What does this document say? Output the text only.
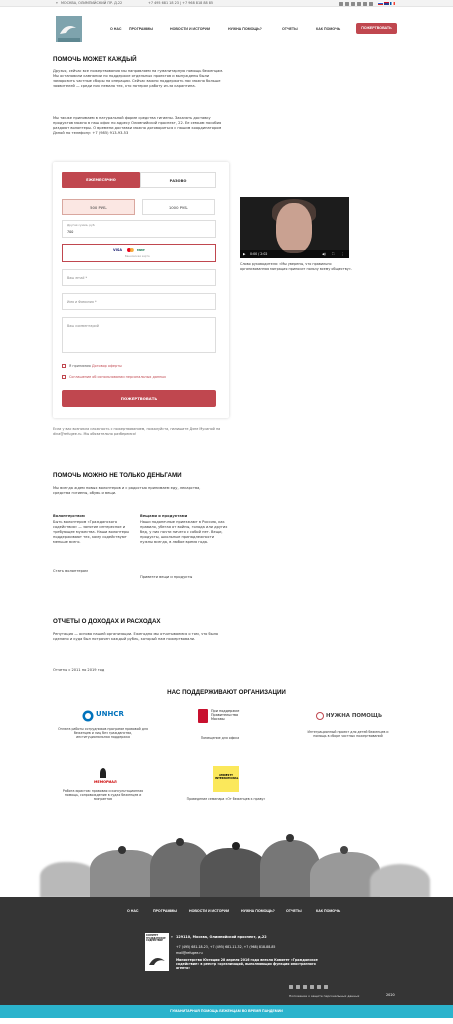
⌖ МОСКВА, ОЛИМПИЙСКИЙ ПР. Д.22	+7 495 681 18 23 | +7 968 818 88 85
О НАС ПРОГРАММЫ	НОВОСТИ И ИСТОРИИ	НУЖНА ПОМОЩЬ?	ОТЧЕТЫ	КАК ПОМОЧЬ	ПОЖЕРТВОВАТЬ
ПОМОЧЬ МОЖЕТ КАЖДЫЙ

Друзья, сейчас все пожертвования мы направляем на гуманитарную помощь беженцам. Мы остановили кампании по поддержке отдельных проектов и вынуждены были заморозить частные сборы на операции. Сейчас важно поддержать нас можно больше заявителей — среди них немало тех, кто потерял работу из-за карантина.

Мы также принимаем в натуральной форме средства гигиены. Заказать доставку продуктов можно в наш офис по адресу Олимпийский проспект, 22. Ее семьям пособия раздают волонтеры. О времени доставки можно договориться с нашим координатором Дэной по телефону: +7 (985) 913-93-53

ЕЖЕМЕСЯЧНО	РАЗОВО
500 РУБ.	1000 РУБ.
Другая сумма, руб.
700
VISA	МИР
Банковская карта
Ваш email *
Имя и Фамилия *
Ваш комментарий
Я принимаю Договор оферты
Соглашение об использовании персональных данных
ПОЖЕРТВОВАТЬ

Если у вас возникла сложность с пожертвованием, пожалуйста, напишите Дэне Мусиной на dina@refugee.ru. Мы обязательно разберемся!

▶ 0:00 / 2:02	◀) ⛶ ⋮

Слово руководителя: «Мы уверены, что правильно организованная миграция приносит пользу всему обществу».

ПОМОЧЬ МОЖНО НЕ ТОЛЬКО ДЕНЬГАМИ

Мы всегда ждем новых волонтеров и с радостью принимаем еду, лекарства, средства гигиены, обувь и вещи.

Волонтерством

Быть волонтером «Гражданского содействия» — занятие интересное и требующее мужества. Наши волонтеры поддерживают тех, кому содействуют меньше всего.

Стать волонтером

Вещами и продуктами

Наши подопечные приезжают в Россию, как правило, убегая от войны, голода или других бед, у них почти ничего с собой нет. Вещи, продукты, школьные принадлежности нужны всегда, в любое время года.

Привезти вещи и продукты

ОТЧЕТЫ О ДОХОДАХ И РАСХОДАХ

Репутация — основа нашей организации. Ежегодно мы отчитываемся о том, что было сделано и куда был потрачен каждый рубль, который нам пожертвовали.

Отчеты с 2011 по 2019 год

НАС ПОДДЕРЖИВАЮТ ОРГАНИЗАЦИИ
UNHCR

Оплата работы сотрудников программ правовой для беженцев и лиц без гражданства, институциональная поддержка

При поддержке Правительства Москвы

Помещение для офиса

НУЖНА ПОМОЩЬ

Интеграционный проект для детей беженцев и помощь в сборе частных пожертвований

МЕМОРИАЛ

Работа юристов: правовая и консультационная помощь, сопровождение в судах беженцев и мигрантов

AMNESTY INTERNATIONAL

Проведение семинара «От беженцев к праву»

О НАС	ПРОГРАММЫ	НОВОСТИ И ИСТОРИИ	НУЖНА ПОМОЩЬ?	ОТЧЕТЫ	КАК ПОМОЧЬ
КОМИТЕТ ГРАЖДАНСКОЕ СОДЕЙСТВИЕ
⌖ 129110, Москва, Олимпийский проспект, д.22

+7 (495) 681-18-23, +7 (495) 681-11-32, +7 (968) 818-88-85

mail@refugee.ru

Министерство Юстиции 28 апреля 2016 года внесло Комитет «Гражданское содействие» в реестр «организаций, выполняющих функции иностранного агента»

Положение о защите персональных данных	2020

ГУМАНИТАРНАЯ ПОМОЩЬ БЕЖЕНЦАМ ВО ВРЕМЯ ПАНДЕМИИ
